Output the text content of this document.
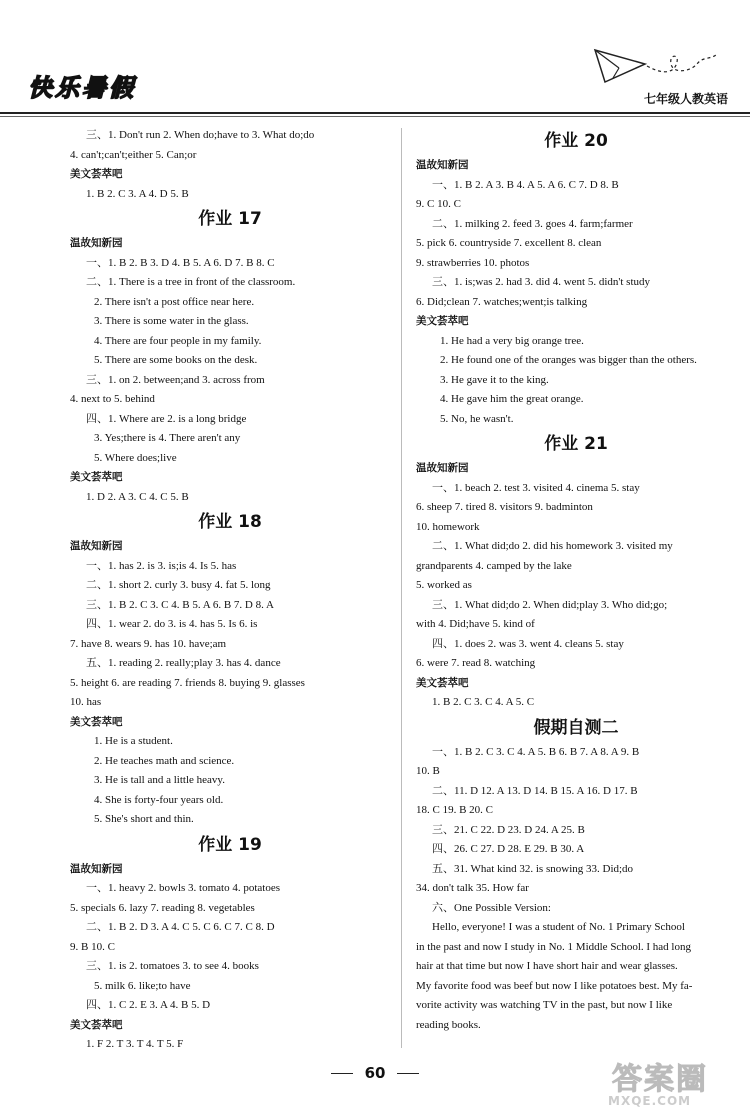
快乐暑假	七年级人教英语
三、1. Don't run 2. When do;have to 3. What do;do
4. can't;can't;either 5. Can;or
美文荟萃吧
1. B 2. C 3. A 4. D 5. B
作业 17
温故知新园
一、1. B 2. B 3. D 4. B 5. A 6. D 7. B 8. C
二、1. There is a tree in front of the classroom.
2. There isn't a post office near here.
3. There is some water in the glass.
4. There are four people in my family.
5. There are some books on the desk.
三、1. on 2. between;and 3. across from
4. next to 5. behind
四、1. Where are 2. is a long bridge
3. Yes;there is 4. There aren't any
5. Where does;live
美文荟萃吧
1. D 2. A 3. C 4. C 5. B
作业 18
温故知新园
一、1. has 2. is 3. is;is 4. Is 5. has
二、1. short 2. curly 3. busy 4. fat 5. long
三、1. B 2. C 3. C 4. B 5. A 6. B 7. D 8. A
四、1. wear 2. do 3. is 4. has 5. Is 6. is
7. have 8. wears 9. has 10. have;am
五、1. reading 2. really;play 3. has 4. dance
5. height 6. are reading 7. friends 8. buying 9. glasses
10. has
美文荟萃吧
1. He is a student.
2. He teaches math and science.
3. He is tall and a little heavy.
4. She is forty-four years old.
5. She's short and thin.
作业 19
温故知新园
一、1. heavy 2. bowls 3. tomato 4. potatoes
5. specials 6. lazy 7. reading 8. vegetables
二、1. B 2. D 3. A 4. C 5. C 6. C 7. C 8. D
9. B 10. C
三、1. is 2. tomatoes 3. to see 4. books
5. milk 6. like;to have
四、1. C 2. E 3. A 4. B 5. D
美文荟萃吧
1. F 2. T 3. T 4. T 5. F
作业 20
温故知新园
一、1. B 2. A 3. B 4. A 5. A 6. C 7. D 8. B
9. C 10. C
二、1. milking 2. feed 3. goes 4. farm;farmer
5. pick 6. countryside 7. excellent 8. clean
9. strawberries 10. photos
三、1. is;was 2. had 3. did 4. went 5. didn't study
6. Did;clean 7. watches;went;is talking
美文荟萃吧
1. He had a very big orange tree.
2. He found one of the oranges was bigger than the others.
3. He gave it to the king.
4. He gave him the great orange.
5. No, he wasn't.
作业 21
温故知新园
一、1. beach 2. test 3. visited 4. cinema 5. stay
6. sheep 7. tired 8. visitors 9. badminton
10. homework
二、1. What did;do 2. did his homework 3. visited my
grandparents 4. camped by the lake
5. worked as
三、1. What did;do 2. When did;play 3. Who did;go;
with 4. Did;have 5. kind of
四、1. does 2. was 3. went 4. cleans 5. stay
6. were 7. read 8. watching
美文荟萃吧
1. B 2. C 3. C 4. A 5. C
假期自测二
一、1. B 2. C 3. C 4. A 5. B 6. B 7. A 8. A 9. B
10. B
二、11. D 12. A 13. D 14. B 15. A 16. D 17. B
18. C 19. B 20. C
三、21. C 22. D 23. D 24. A 25. B
四、26. C 27. D 28. E 29. B 30. A
五、31. What kind 32. is snowing 33. Did;do
34. don't talk 35. How far
六、One Possible Version:
Hello, everyone! I was a student of No. 1 Primary School
in the past and now I study in No. 1 Middle School. I had long
hair at that time but now I have short hair and wear glasses.
My favorite food was beef but now I like potatoes best. My fa-
vorite activity was watching TV in the past, but now I like
reading books.
60	答案圈
MXQE.COM
